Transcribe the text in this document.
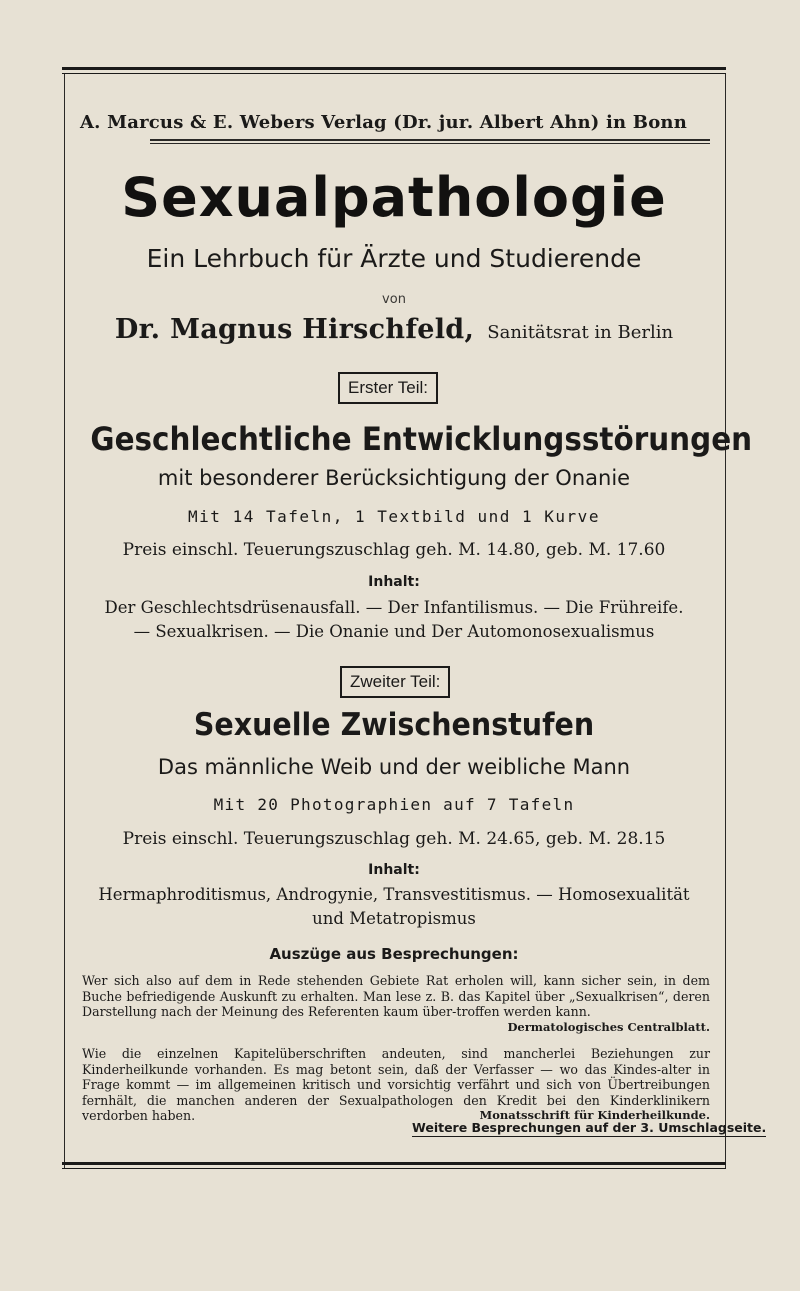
A. Marcus & E. Webers Verlag (Dr. jur. Albert Ahn) in Bonn
Sexualpathologie
Ein Lehrbuch für Ärzte und Studierende
von
Dr. Magnus Hirschfeld, Sanitätsrat in Berlin
Erster Teil:
Geschlechtliche Entwicklungsstörungen
mit besonderer Berücksichtigung der Onanie
Mit 14 Tafeln, 1 Textbild und 1 Kurve
Preis einschl. Teuerungszuschlag geh. M. 14.80, geb. M. 17.60
Inhalt:
Der Geschlechtsdrüsenausfall. — Der Infantilismus. — Die Frühreife. — Sexualkrisen. — Die Onanie und Der Automonosexualismus
Zweiter Teil:
Sexuelle Zwischenstufen
Das männliche Weib und der weibliche Mann
Mit 20 Photographien auf 7 Tafeln
Preis einschl. Teuerungszuschlag geh. M. 24.65, geb. M. 28.15
Inhalt:
Hermaphroditismus, Androgynie, Transvestitismus. — Homosexualität und Metatropismus
Auszüge aus Besprechungen:
Wer sich also auf dem in Rede stehenden Gebiete Rat erholen will, kann sicher sein, in dem Buche befriedigende Auskunft zu erhalten. Man lese z. B. das Kapitel über „Sexualkrisen“, deren Darstellung nach der Meinung des Referenten kaum über-troffen werden kann.
Dermatologisches Centralblatt.
Wie die einzelnen Kapitelüberschriften andeuten, sind mancherlei Beziehungen zur Kinderheilkunde vorhanden. Es mag betont sein, daß der Verfasser — wo das Kindes-alter in Frage kommt — im allgemeinen kritisch und vorsichtig verfährt und sich von Übertreibungen fernhält, die manchen anderen der Sexualpathologen den Kredit bei den Kinderklinikern verdorben haben.	Monatsschrift für Kinderheilkunde.
Weitere Besprechungen auf der 3. Umschlagseite.
